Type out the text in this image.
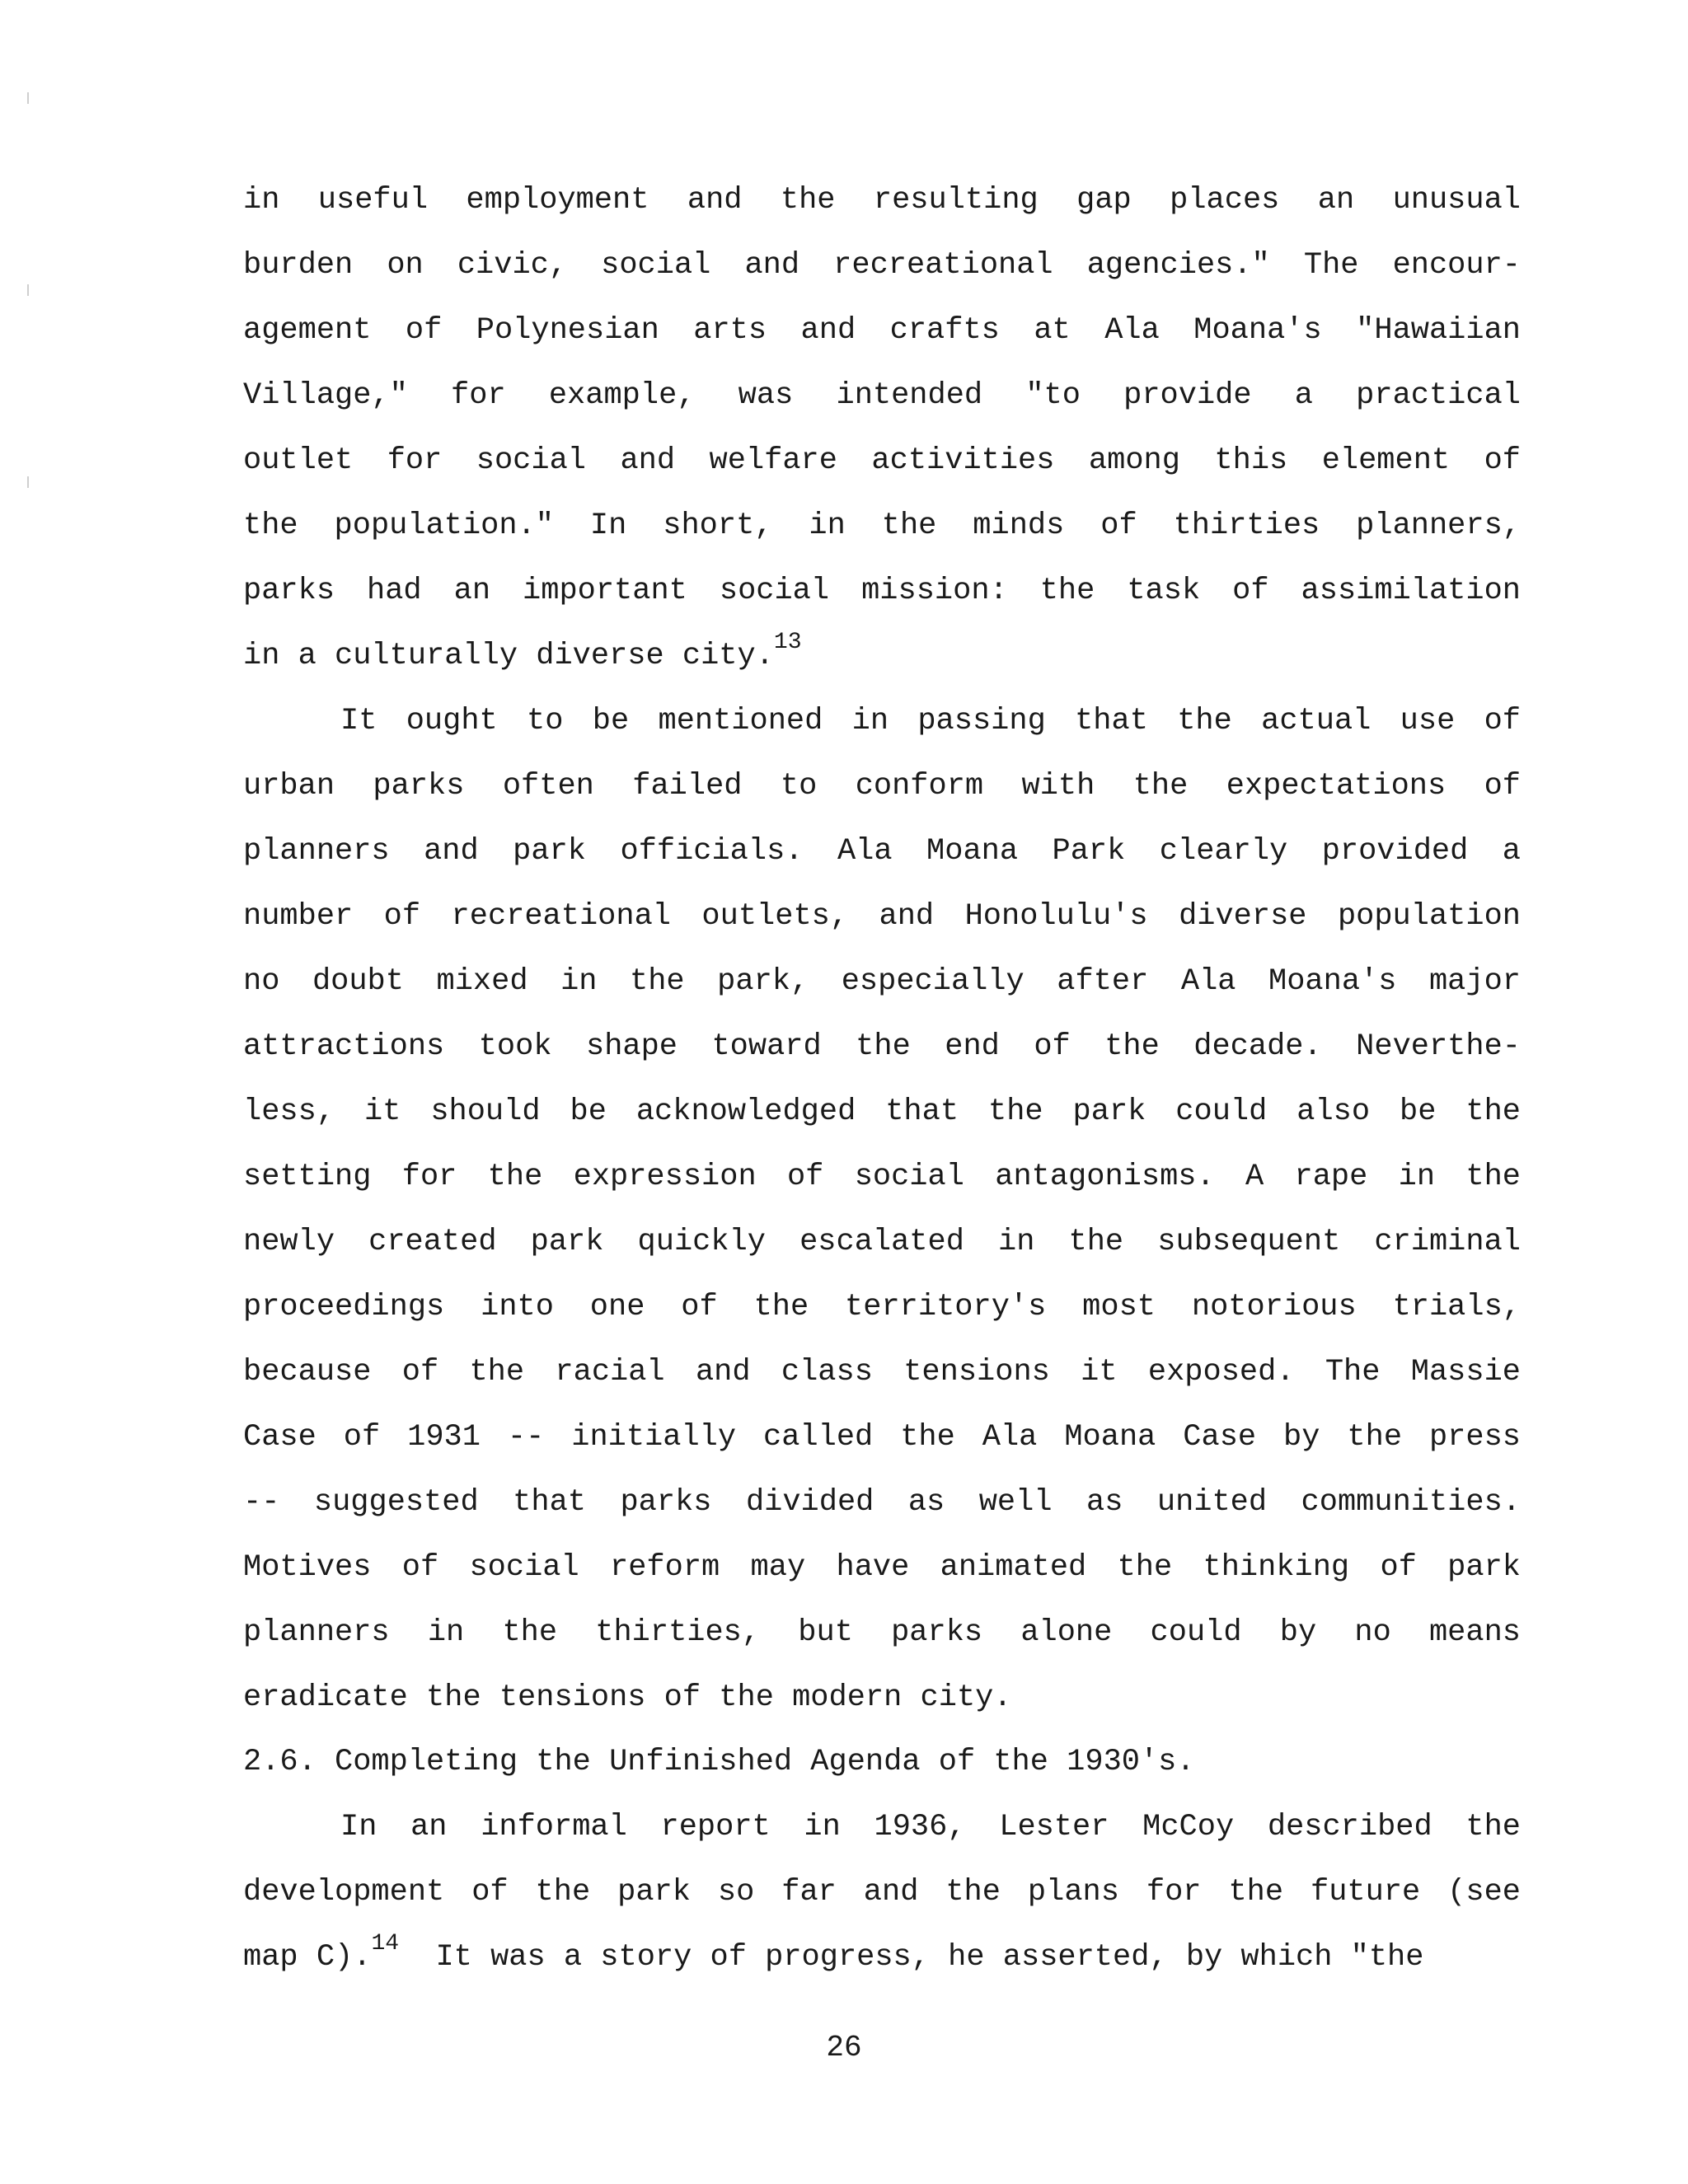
in useful employment and the resulting gap places an unusual
burden on civic, social and recreational agencies." The encour-
agement of Polynesian arts and crafts at Ala Moana's "Hawaiian
Village," for example, was intended "to provide a practical
outlet for social and welfare activities among this element of
the population." In short, in the minds of thirties planners,
parks had an important social mission: the task of assimilation
in a culturally diverse city.$^{13}$
It ought to be mentioned in passing that the actual use of
urban parks often failed to conform with the expectations of
planners and park officials. Ala Moana Park clearly provided a
number of recreational outlets, and Honolulu's diverse population
no doubt mixed in the park, especially after Ala Moana's major
attractions took shape toward the end of the decade. Neverthe-
less, it should be acknowledged that the park could also be the
setting for the expression of social antagonisms. A rape in the
newly created park quickly escalated in the subsequent criminal
proceedings into one of the territory's most notorious trials,
because of the racial and class tensions it exposed. The Massie
Case of 1931 -- initially called the Ala Moana Case by the press
-- suggested that parks divided as well as united communities.
Motives of social reform may have animated the thinking of park
planners in the thirties, but parks alone could by no means
eradicate the tensions of the modern city.
2.6. Completing the Unfinished Agenda of the 1930's.
In an informal report in 1936, Lester McCoy described the
development of the park so far and the plans for the future (see
map C).$^{14}$ It was a story of progress, he asserted, by which "the
26
